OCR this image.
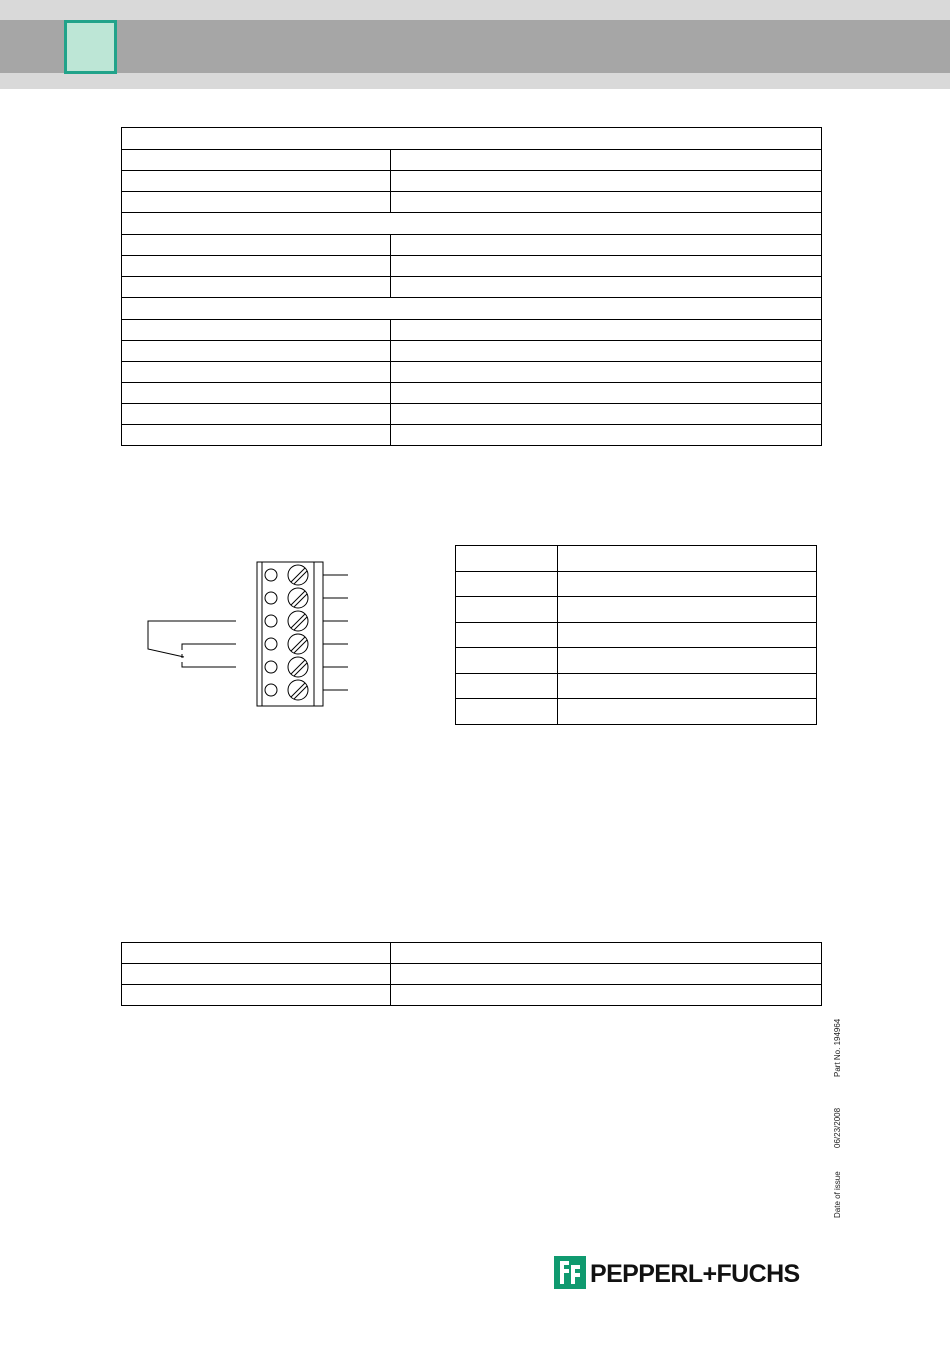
Part No. 194964
06/23/2008
Date of issue
PEPPERL+FUCHS
